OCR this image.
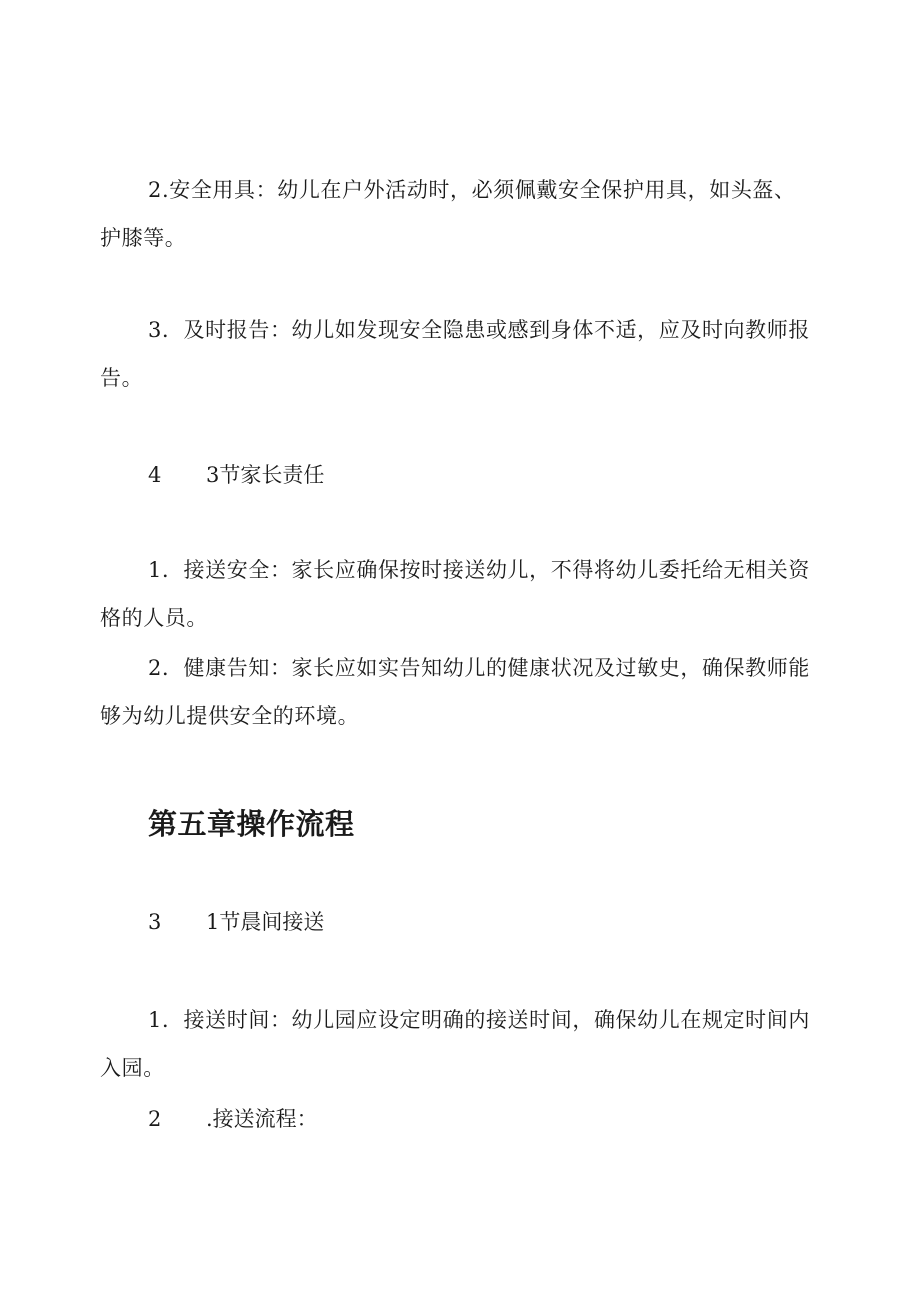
2.安全用具：幼儿在户外活动时，必须佩戴安全保护用具，如头盔、护膝等。

3．及时报告：幼儿如发现安全隐患或感到身体不适，应及时向教师报告。

4 3节家长责任

1．接送安全：家长应确保按时接送幼儿，不得将幼儿委托给无相关资格的人员。

2．健康告知：家长应如实告知幼儿的健康状况及过敏史，确保教师能够为幼儿提供安全的环境。

第五章操作流程
3 1节晨间接送

1．接送时间：幼儿园应设定明确的接送时间，确保幼儿在规定时间内入园。

2 .接送流程：
